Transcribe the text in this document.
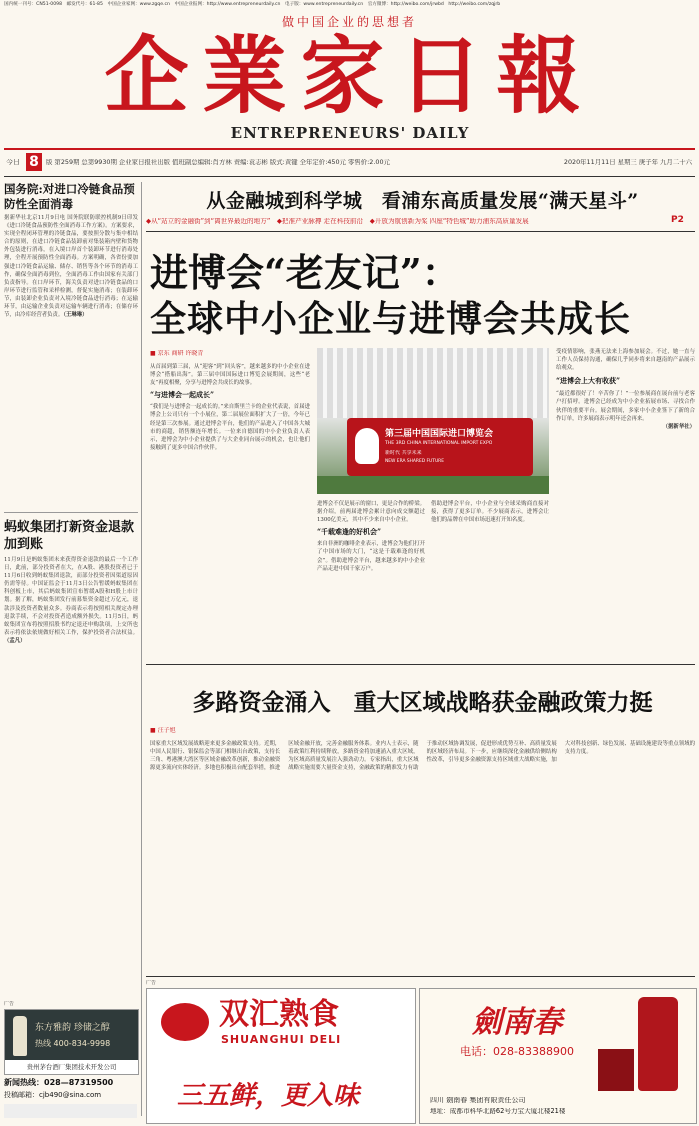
国内统一刊号：CN51-0098　邮发代号：61-85　中国企业家网：www.zgqe.cn　中国企业报网：http://www.entrepreneurdaily.cn　电子版：www.entrepreneurdaily.cn　官方微博：http://weibo.com/jrwbd　http://weibo.com/zqjrb
做中国企业的思想者
企業家日報
ENTREPRENEURS' DAILY
今日 8	版 第259期 总第9930期 企业家日报社出版 值班副总编辑:肖方林 责编:袁志彬 版式:黄键 全年定价:450元 零售价:2.00元	2020年11月11日 星期三 庚子年 九月二十六
国务院:对进口冷链食品预防性全面消毒
据新华社北京11月9日电 国务院联防联控机制9日印发《进口冷链食品预防性全面消毒工作方案》。方案要求，实现全程闭环管理的冷链食品，要按照分散与集中相结合的原则，在进口冷链食品装卸前对集装箱内壁和货物外包装进行消毒，在入境口岸首个装卸环节进行消毒处理，全程开展预防性全面消毒。方案明确，各省份要加强进口冷链食品运输、储存、销售等各个环节的消毒工作，确保全面消毒到位，全面消毒工作由国家有关部门负责指导。在口岸环节，海关负责对进口冷链食品的口岸环节进行监管和采样检测，督促实施消毒；在装卸环节，由装卸企业负责对入境冷链食品进行消毒；在运输环节，由运输企业负责对运输车辆进行消毒；在储存环节，由冷库经营者负责。（王琳琳）
蚂蚁集团打新资金退款加到账
11月9日是蚂蚁集团未来获得资金退款的最后一个工作日，此前，部分投资者在大，在A股、港股投资者已于11月6日收到蚂蚁集团退款，而部分投资者因渠道原因仍需等待。中国证监会于11月3日公告暂缓蚂蚁集团在科创板上市，其后蚂蚁集团宣布暂缓A股和H股上市计划。据了解，蚂蚁集团发行前募集资金超过万亿元，退款涉及投资者数量众多。券商表示将按照相关规定办理退款手续，不会对投资者造成额外损失。11月5日，蚂蚁集团宣布将按照招股书约定退还申购款项，上交所也表示将依法依规做好相关工作，保护投资者合法权益。（孟凡）
广告
东方雅韵 珍储之醇
热线 400-834-9998
贵州茅台酒厂集团技术开发公司
新闻热线：028—87319500
投稿邮箱：cjb490@sina.com
从金融城到科学城　看浦东高质量发展“满天星斗”
◆从“站立的金融街”到“离世界最近的地方”　◆把准产业脉搏 走在科技前沿　◆开放为航创新为桨 四座“特色城”助力浦东高质量发展	P2
进博会“老友记”：
全球中小企业与进博会共成长
■ 京东 商研 许晓青
从首届到第三届，从“迎客”到“回头客”，越来越多的中小企业在进博会“搭船出海”。第三届中国国际进口博览会展期间，这些“老友”再度相聚，分享与进博会共成长的故事。
“与进博会一起成长”
“我们是与进博会一起成长的。”来自斯里兰卡的企业代表说，首届进博会上公司只有一个小展位，第二届展位面积扩大了一倍，今年已经是第三次参展。通过进博会平台，他们的产品进入了中国各大城市的商超，销售额连年增长。一位来自德国的中小企业负责人表示，进博会为中小企业提供了与大企业同台展示的机会，也让他们接触到了更多中国合作伙伴。
第三届中国国际进口博览会
THE 3RD CHINA INTERNATIONAL IMPORT EXPO
新时代 共享未来
NEW ERA SHARED FUTURE
进博会不仅是展示的窗口，更是合作的桥梁。据介绍，前两届进博会累计意向成交额超过1300亿美元，其中不少来自中小企业。
“千载难逢的好机会”
来自非洲的咖啡企业表示，进博会为他们打开了中国市场的大门，“这是千载难逢的好机会”。借助进博会平台，越来越多的中小企业产品走进中国千家万户。
借助进博会平台，中小企业与全球采购商直接对接，获得了更多订单。不少展商表示，进博会让他们的品牌在中国市场迅速打开知名度。
受疫情影响，张燕无法来上海参加展会。不过，她一直与工作人员保持沟通，确保几乎同步将来自越南的产品展示给观众。
“进博会上大有收获”
“最近都很好了！辛苦你了！”一位参展商在展台前与老客户打招呼。进博会已经成为中小企业拓展市场、寻找合作伙伴的重要平台。展会期间，多家中小企业签下了新的合作订单，许多展商表示明年还会再来。
（据新华社）
多路资金涌入　重大区域战略获金融政策力挺
■ 汪子旭
国家重大区域发展战略迎来更多金融政策支持。近期，中国人民银行、银保监会等部门相继出台政策，支持长三角、粤港澳大湾区等区域金融改革创新，推动金融资源更多流向实体经济。多地也积极出台配套举措，推进区域金融开放，完善金融服务体系。业内人士表示，随着政策红利持续释放，多路资金将加速涌入重大区域，为区域高质量发展注入强劲动力。专家指出，重大区域战略实施需要大量资金支持，金融政策的精准发力有助于推动区域协调发展，促进形成优势互补、高质量发展的区域经济布局。下一步，应继续深化金融供给侧结构性改革，引导更多金融资源支持区域重大战略实施，加大对科技创新、绿色发展、基础设施建设等重点领域的支持力度。
广告
双汇熟食
SHUANGHUI DELI
三五鲜，更入味
劍南春
电话：028-83388900
四川 劍南春 集团有限责任公司
地址：成都市科华北路62号力宝大厦北楼21楼
